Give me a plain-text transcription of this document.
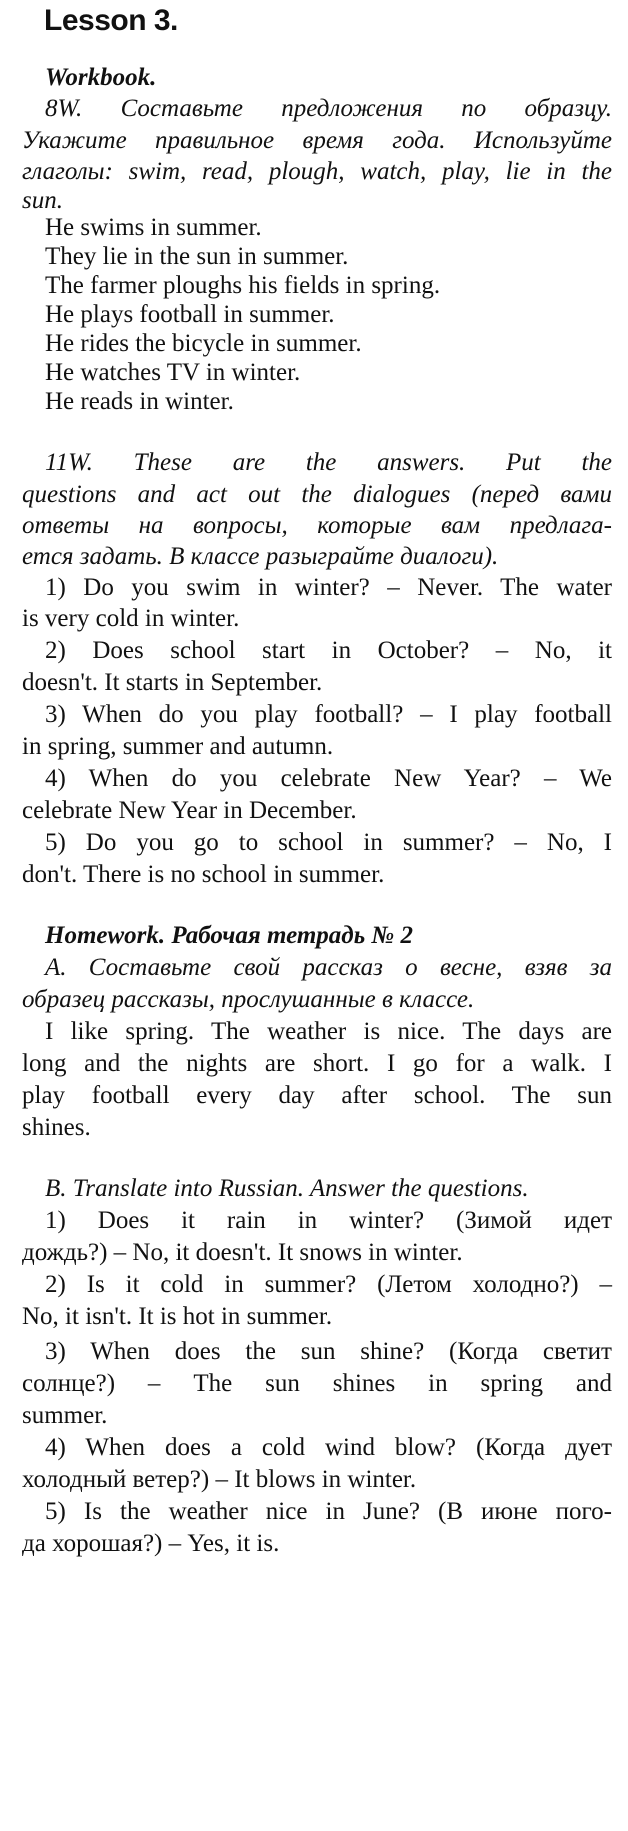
Lesson 3.
Workbook.
8W. Составьте предложения по образцу.
Укажите правильное время года. Используйте
глаголы: swim, read, plough, watch, play, lie in the
sun.
He swims in summer.
They lie in the sun in summer.
The farmer ploughs his fields in spring.
He plays football in summer.
He rides the bicycle in summer.
He watches TV in winter.
He reads in winter.
11W. These are the answers. Put the
questions and act out the dialogues (перед вами
ответы на вопросы, которые вам предлага-
ется задать. В классе разыграйте диалоги).
1) Do you swim in winter? – Never. The water
is very cold in winter.
2) Does school start in October? – No, it
doesn't. It starts in September.
3) When do you play football? – I play football
in spring, summer and autumn.
4) When do you celebrate New Year? – We
celebrate New Year in December.
5) Do you go to school in summer? – No, I
don't. There is no school in summer.
Homework. Рабочая тетрадь № 2
А. Составьте свой рассказ о весне, взяв за
образец рассказы, прослушанные в классе.
I like spring. The weather is nice. The days are
long and the nights are short. I go for a walk. I
play football every day after school. The sun
shines.
B. Translate into Russian. Answer the questions.
1) Does it rain in winter? (Зимой идет
дождь?) – No, it doesn't. It snows in winter.
2) Is it cold in summer? (Летом холодно?) –
No, it isn't. It is hot in summer.
3) When does the sun shine? (Когда светит
солнце?) – The sun shines in spring and
summer.
4) When does a cold wind blow? (Когда дует
холодный ветер?) – It blows in winter.
5) Is the weather nice in June? (В июне пого-
да хорошая?) – Yes, it is.
